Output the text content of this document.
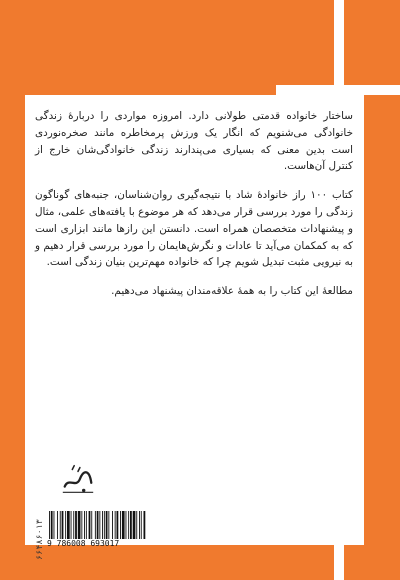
ساختار خانواده قدمتی طولانی دارد. امروزه مواردی را دربارهٔ زندگی خانوادگی می‌شنویم که انگار یک ورزش پرمخاطره مانند صخره‌نوردی است بدین معنی که بسیاری می‌پندارند زندگی خانوادگی‌شان خارج از کنترل آن‌هاست.

کتاب ۱۰۰ راز خانوادهٔ شاد با نتیجه‌گیری روان‌شناسان، جنبه‌های گوناگون زندگی را مورد بررسی قرار می‌دهد که هر موضوع با یافته‌های علمی، مثال و پیشنهادات متخصصان همراه است. دانستن این رازها مانند ابزاری است که به کمکمان می‌آید تا عادات و نگرش‌هایمان را مورد بررسی قرار دهیم و به نیرویی مثبت تبدیل شویم چرا که خانواده مهم‌ترین بنیان زندگی است.

مطالعهٔ این کتاب را به همهٔ علاقه‌مندان پیشنهاد می‌دهیم.

۶۶۴۸۶۰۱۳ 9 786008 693017
